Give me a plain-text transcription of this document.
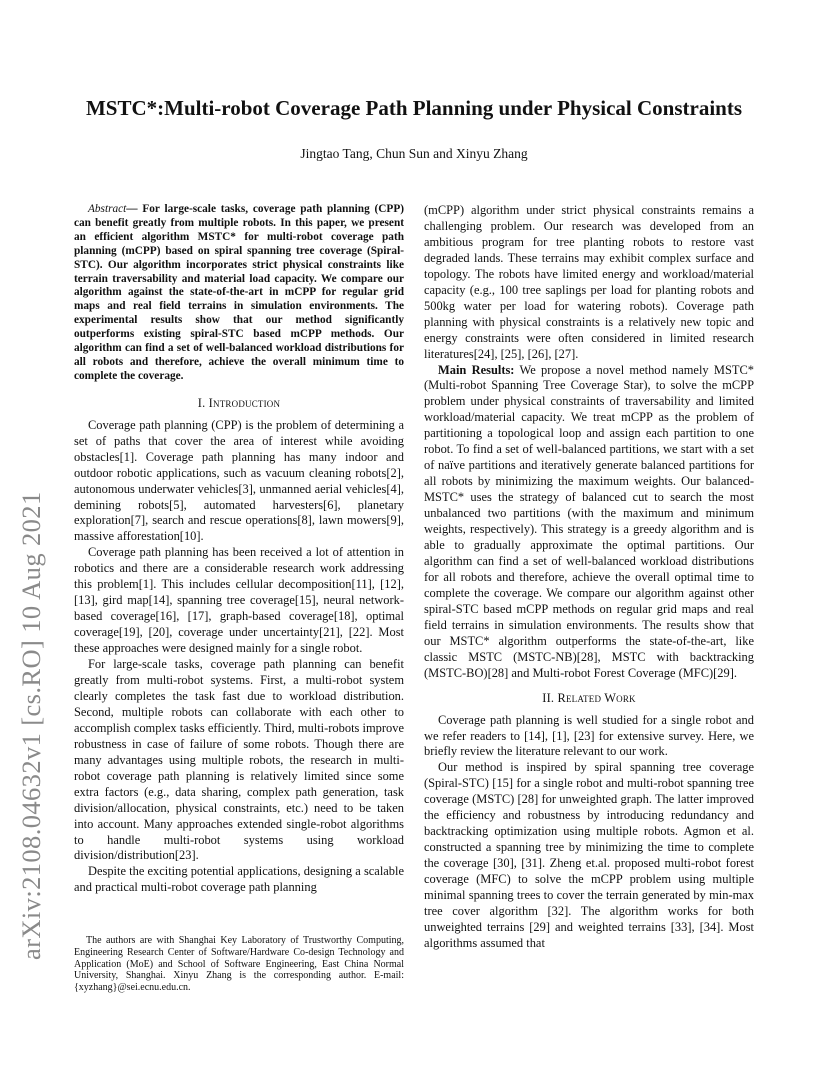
arXiv:2108.04632v1 [cs.RO] 10 Aug 2021
MSTC*:Multi-robot Coverage Path Planning under Physical Constraints
Jingtao Tang, Chun Sun and Xinyu Zhang

Abstract— For large-scale tasks, coverage path planning (CPP) can benefit greatly from multiple robots. In this paper, we present an efficient algorithm MSTC* for multi-robot coverage path planning (mCPP) based on spiral spanning tree coverage (Spiral-STC). Our algorithm incorporates strict physical constraints like terrain traversability and material load capacity. We compare our algorithm against the state-of-the-art in mCPP for regular grid maps and real field terrains in simulation environments. The experimental results show that our method significantly outperforms existing spiral-STC based mCPP methods. Our algorithm can find a set of well-balanced workload distributions for all robots and therefore, achieve the overall minimum time to complete the coverage.

I. Introduction

Coverage path planning (CPP) is the problem of determining a set of paths that cover the area of interest while avoiding obstacles[1]. Coverage path planning has many indoor and outdoor robotic applications, such as vacuum cleaning robots[2], autonomous underwater vehicles[3], unmanned aerial vehicles[4], demining robots[5], automated harvesters[6], planetary exploration[7], search and rescue operations[8], lawn mowers[9], massive afforestation[10].

Coverage path planning has been received a lot of attention in robotics and there are a considerable research work addressing this problem[1]. This includes cellular decomposition[11], [12], [13], gird map[14], spanning tree coverage[15], neural network-based coverage[16], [17], graph-based coverage[18], optimal coverage[19], [20], coverage under uncertainty[21], [22]. Most these approaches were designed mainly for a single robot.

For large-scale tasks, coverage path planning can benefit greatly from multi-robot systems. First, a multi-robot system clearly completes the task fast due to workload distribution. Second, multiple robots can collaborate with each other to accomplish complex tasks efficiently. Third, multi-robots improve robustness in case of failure of some robots. Though there are many advantages using multiple robots, the research in multi-robot coverage path planning is relatively limited since some extra factors (e.g., data sharing, complex path generation, task division/allocation, physical constraints, etc.) need to be taken into account. Many approaches extended single-robot algorithms to handle multi-robot systems using workload division/distribution[23].

Despite the exciting potential applications, designing a scalable and practical multi-robot coverage path planning

(mCPP) algorithm under strict physical constraints remains a challenging problem. Our research was developed from an ambitious program for tree planting robots to restore vast degraded lands. These terrains may exhibit complex surface and topology. The robots have limited energy and workload/material capacity (e.g., 100 tree saplings per load for planting robots and 500kg water per load for watering robots). Coverage path planning with physical constraints is a relatively new topic and energy constraints were often considered in limited research literatures[24], [25], [26], [27].

Main Results: We propose a novel method namely MSTC* (Multi-robot Spanning Tree Coverage Star), to solve the mCPP problem under physical constraints of traversability and limited workload/material capacity. We treat mCPP as the problem of partitioning a topological loop and assign each partition to one robot. To find a set of well-balanced partitions, we start with a set of naïve partitions and iteratively generate balanced partitions for all robots by minimizing the maximum weights. Our balanced-MSTC* uses the strategy of balanced cut to search the most unbalanced two partitions (with the maximum and minimum weights, respectively). This strategy is a greedy algorithm and is able to gradually approximate the optimal partitions. Our algorithm can find a set of well-balanced workload distributions for all robots and therefore, achieve the overall optimal time to complete the coverage. We compare our algorithm against other spiral-STC based mCPP methods on regular grid maps and real field terrains in simulation environments. The results show that our MSTC* algorithm outperforms the state-of-the-art, like classic MSTC (MSTC-NB)[28], MSTC with backtracking (MSTC-BO)[28] and Multi-robot Forest Coverage (MFC)[29].

II. Related Work

Coverage path planning is well studied for a single robot and we refer readers to [14], [1], [23] for extensive survey. Here, we briefly review the literature relevant to our work.

Our method is inspired by spiral spanning tree coverage (Spiral-STC) [15] for a single robot and multi-robot spanning tree coverage (MSTC) [28] for unweighted graph. The latter improved the efficiency and robustness by introducing redundancy and backtracking optimization using multiple robots. Agmon et al. constructed a spanning tree by minimizing the time to complete the coverage [30], [31]. Zheng et.al. proposed multi-robot forest coverage (MFC) to solve the mCPP problem using multiple minimal spanning trees to cover the terrain generated by min-max tree cover algorithm [32]. The algorithm works for both unweighted terrains [29] and weighted terrains [33], [34]. Most algorithms assumed that

The authors are with Shanghai Key Laboratory of Trustworthy Computing, Engineering Research Center of Software/Hardware Co-design Technology and Application (MoE) and School of Software Engineering, East China Normal University, Shanghai. Xinyu Zhang is the corresponding author. E-mail: {xyzhang}@sei.ecnu.edu.cn.
